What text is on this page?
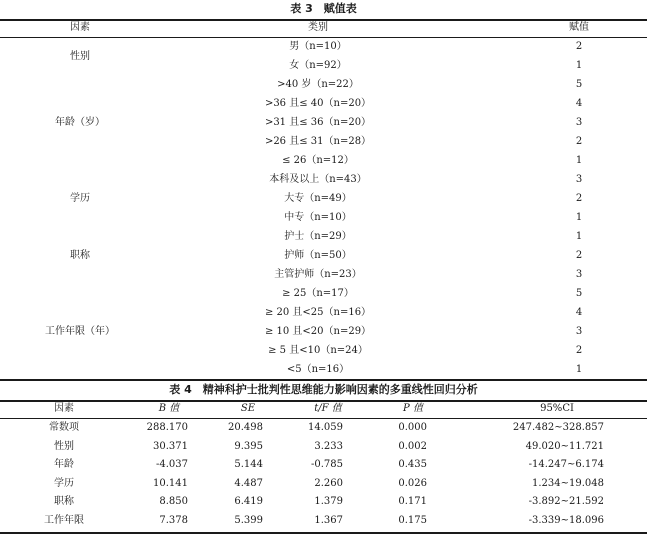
表 3　赋值表
因素	类别	赋值
性别
男（n=10）	2
女（n=92）	1
年龄（岁）
>40 岁（n=22）	5
>36 且≤ 40（n=20）	4
>31 且≤ 36（n=20）	3
>26 且≤ 31（n=28）	2
≤ 26（n=12）	1
学历
本科及以上（n=43）	3
大专（n=49）	2
中专（n=10）	1
职称
护士（n=29）	1
护师（n=50）	2
主管护师（n=23）	3
工作年限（年）
≥ 25（n=17）	5
≥ 20 且<25（n=16）	4
≥ 10 且<20（n=29）	3
≥ 5 且<10（n=24）	2
<5（n=16）	1
表 4　精神科护士批判性思维能力影响因素的多重线性回归分析
因素	B 值	SE	t/F 值	P 值	95%CI
常数项	288.170	20.498	14.059	0.000	247.482~328.857
性别	30.371	9.395	3.233	0.002	49.020~11.721
年龄	-4.037	5.144	-0.785	0.435	-14.247~6.174
学历	10.141	4.487	2.260	0.026	1.234~19.048
职称	8.850	6.419	1.379	0.171	-3.892~21.592
工作年限	7.378	5.399	1.367	0.175	-3.339~18.096
